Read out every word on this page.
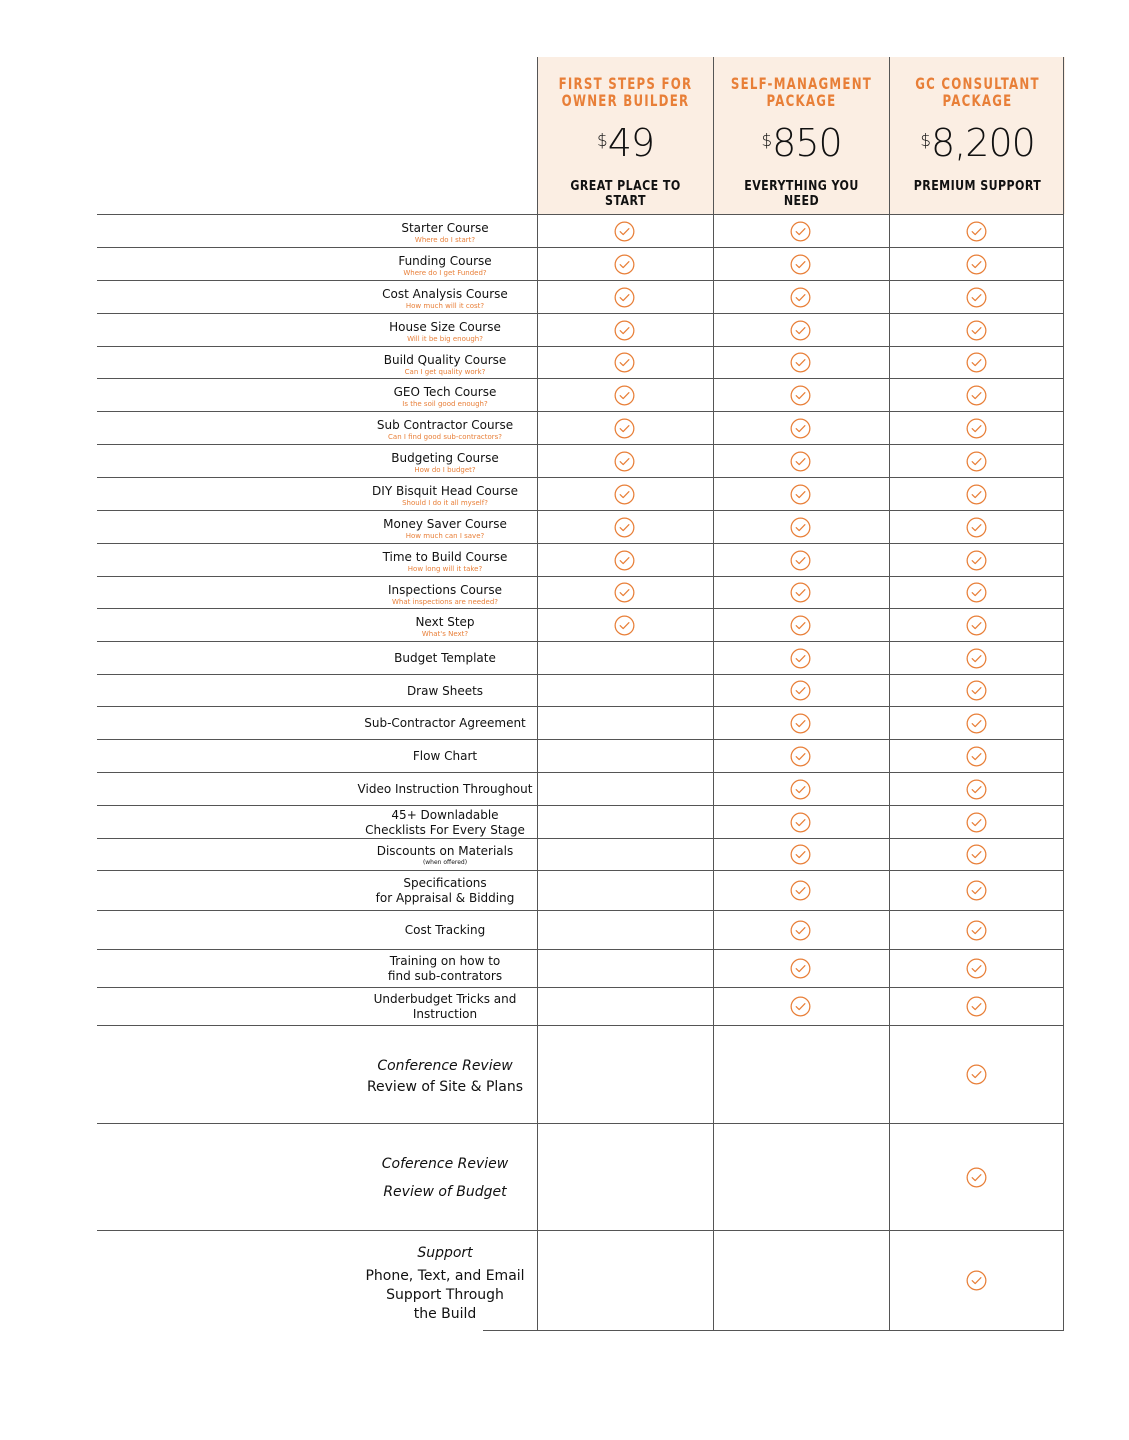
FIRST STEPS FOR
OWNER BUILDER
$49
GREAT PLACE TO START
SELF-MANAGMENT
PACKAGE
$850
EVERYTHING YOU NEED
GC CONSULTANT
PACKAGE
$8,200
PREMIUM SUPPORT
Starter Course
Where do I start?
Funding Course
Where do I get Funded?
Cost Analysis Course
How much will it cost?
House Size Course
Will it be big enough?
Build Quality Course
Can I get quality work?
GEO Tech Course
Is the soil good enough?
Sub Contractor Course
Can I find good sub-contractors?
Budgeting Course
How do I budget?
DIY Bisquit Head Course
Should I do it all myself?
Money Saver Course
How much can I save?
Time to Build Course
How long will it take?
Inspections Course
What inspections are needed?
Next Step
What's Next?
Budget Template
Draw Sheets
Sub-Contractor Agreement
Flow Chart
Video Instruction Throughout
45+ Downladable
Checklists For Every Stage
Discounts on Materials
(when offered)
Specifications
for Appraisal & Bidding
Cost Tracking
Training on how to
find sub-contrators
Underbudget Tricks and
Instruction
Conference Review
Review of Site & Plans
Coference Review
Review of Budget
Support
Phone, Text, and Email
Support Through
the Build
